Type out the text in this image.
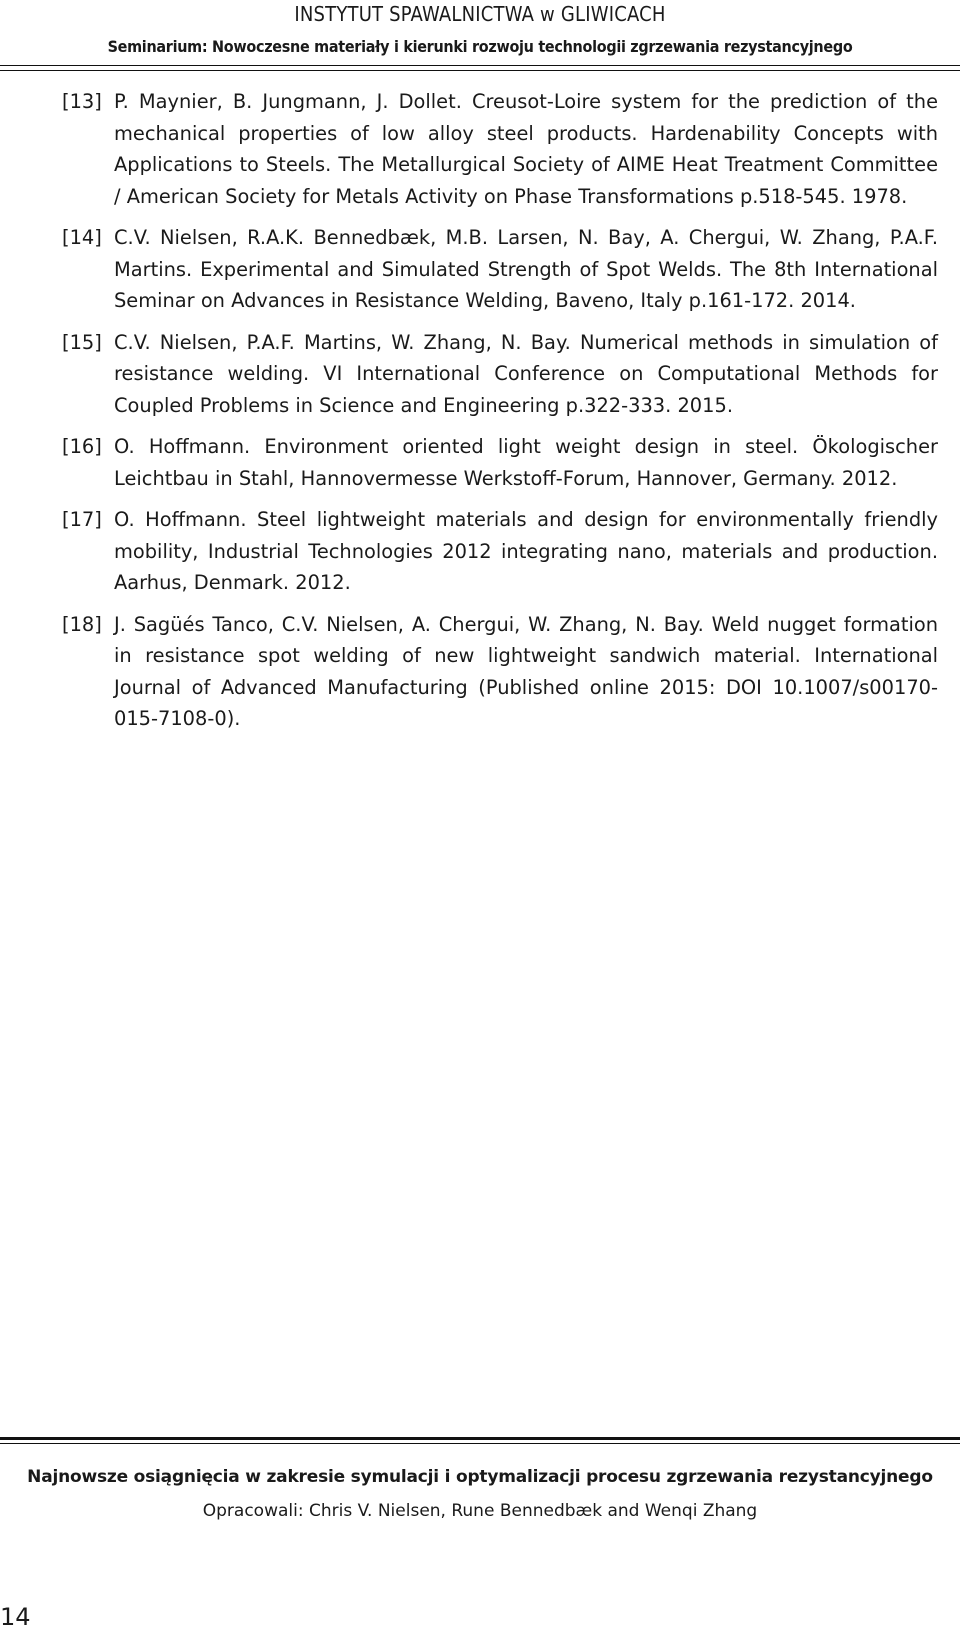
INSTYTUT SPAWALNICTWA w GLIWICACH
Seminarium: Nowoczesne materiały i kierunki rozwoju technologii zgrzewania rezystancyjnego
[13] P. Maynier, B. Jungmann, J. Dollet. Creusot-Loire system for the prediction of the mechanical properties of low alloy steel products. Hardenability Concepts with Applications to Steels. The Metallurgical Society of AIME Heat Treatment Committee / American Society for Metals Activity on Phase Transformations p.518-545. 1978.
[14] C.V. Nielsen, R.A.K. Bennedbæk, M.B. Larsen, N. Bay, A. Chergui, W. Zhang, P.A.F. Martins. Experimental and Simulated Strength of Spot Welds. The 8th International Seminar on Advances in Resistance Welding, Baveno, Italy p.161-172. 2014.
[15] C.V. Nielsen, P.A.F. Martins, W. Zhang, N. Bay. Numerical methods in simulation of resistance welding. VI International Conference on Computational Methods for Coupled Problems in Science and Engineering p.322-333. 2015.
[16] O. Hoffmann. Environment oriented light weight design in steel. Ökologischer Leichtbau in Stahl, Hannovermesse Werkstoff-Forum, Hannover, Germany. 2012.
[17] O. Hoffmann. Steel lightweight materials and design for environmentally friendly mobility, Industrial Technologies 2012 integrating nano, materials and production. Aarhus, Denmark. 2012.
[18] J. Sagüés Tanco, C.V. Nielsen, A. Chergui, W. Zhang, N. Bay. Weld nugget formation in resistance spot welding of new lightweight sandwich material. International Journal of Advanced Manufacturing (Published online 2015: DOI 10.1007/s00170-015-7108-0).
Najnowsze osiągnięcia w zakresie symulacji i optymalizacji procesu zgrzewania rezystancyjnego
Opracowali: Chris V. Nielsen, Rune Bennedbæk and Wenqi Zhang
14
